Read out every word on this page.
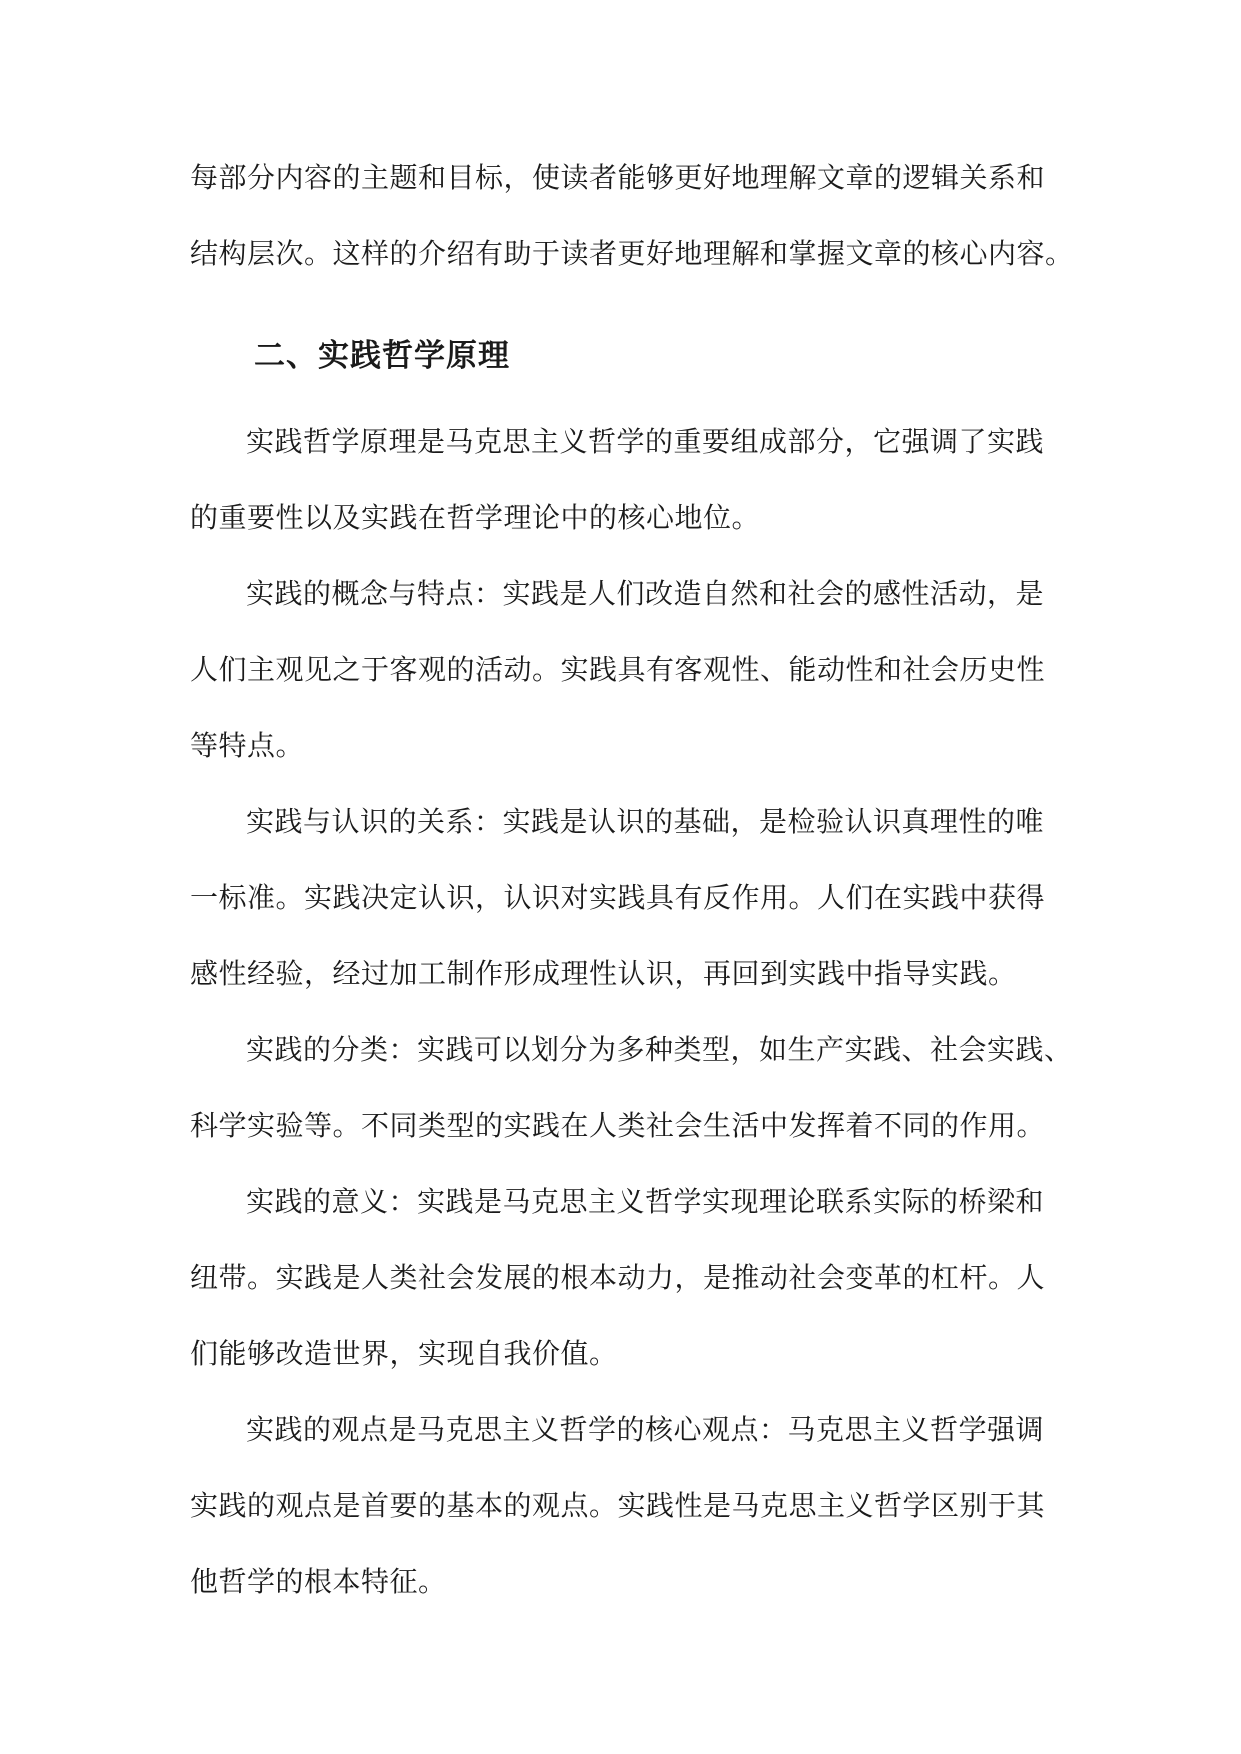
每部分内容的主题和目标，使读者能够更好地理解文章的逻辑关系和
结构层次。这样的介绍有助于读者更好地理解和掌握文章的核心内容。
二、实践哲学原理
实践哲学原理是马克思主义哲学的重要组成部分，它强调了实践
的重要性以及实践在哲学理论中的核心地位。
实践的概念与特点：实践是人们改造自然和社会的感性活动，是
人们主观见之于客观的活动。实践具有客观性、能动性和社会历史性
等特点。
实践与认识的关系：实践是认识的基础，是检验认识真理性的唯
一标准。实践决定认识，认识对实践具有反作用。人们在实践中获得
感性经验，经过加工制作形成理性认识，再回到实践中指导实践。
实践的分类：实践可以划分为多种类型，如生产实践、社会实践、
科学实验等。不同类型的实践在人类社会生活中发挥着不同的作用。
实践的意义：实践是马克思主义哲学实现理论联系实际的桥梁和
纽带。实践是人类社会发展的根本动力，是推动社会变革的杠杆。人
们能够改造世界，实现自我价值。
实践的观点是马克思主义哲学的核心观点：马克思主义哲学强调
实践的观点是首要的基本的观点。实践性是马克思主义哲学区别于其
他哲学的根本特征。
